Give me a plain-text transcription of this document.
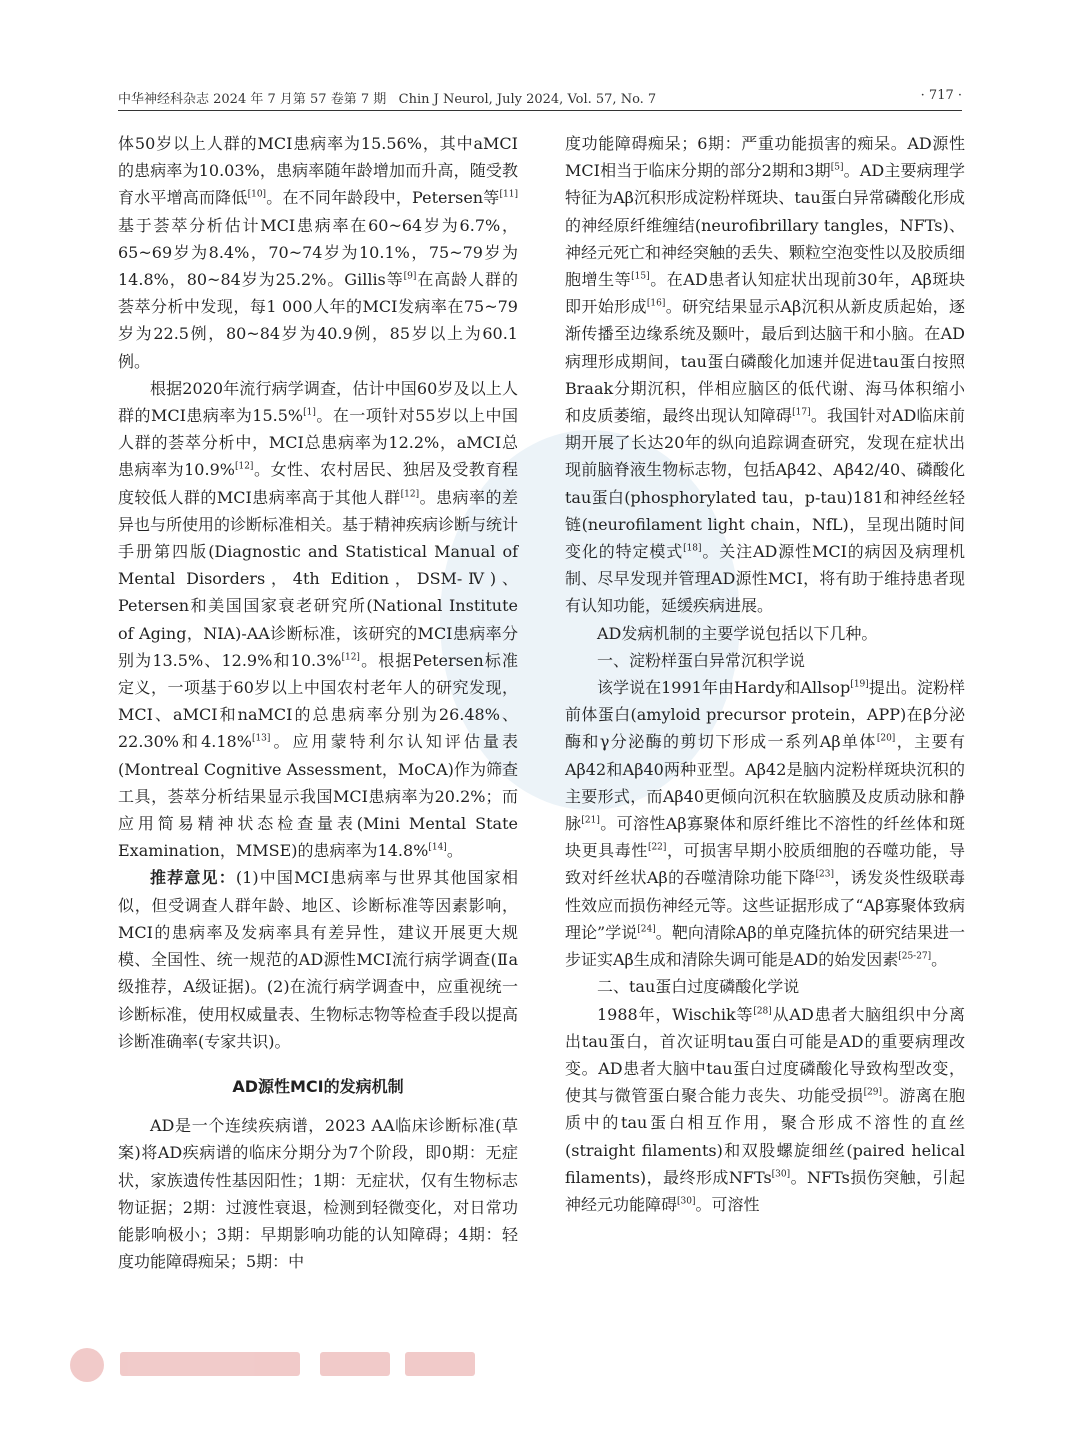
中华神经科杂志 2024 年 7 月第 57 卷第 7 期 Chin J Neurol, July 2024, Vol. 57, No. 7	· 717 ·

体50岁以上人群的MCI患病率为15.56%，其中aMCI的患病率为10.03%，患病率随年龄增加而升高，随受教育水平增高而降低[10]。在不同年龄段中，Petersen等[11]基于荟萃分析估计MCI患病率在60~64岁为6.7%，65~69岁为8.4%，70~74岁为10.1%，75~79岁为14.8%，80~84岁为25.2%。Gillis等[9]在高龄人群的荟萃分析中发现，每1 000人年的MCI发病率在75~79岁为22.5例，80~84岁为40.9例，85岁以上为60.1例。

根据2020年流行病学调查，估计中国60岁及以上人群的MCI患病率为15.5%[1]。在一项针对55岁以上中国人群的荟萃分析中，MCI总患病率为12.2%，aMCI总患病率为10.9%[12]。女性、农村居民、独居及受教育程度较低人群的MCI患病率高于其他人群[12]。患病率的差异也与所使用的诊断标准相关。基于精神疾病诊断与统计手册第四版(Diagnostic and Statistical Manual of Mental Disorders，4th Edition，DSM-Ⅳ)、Petersen和美国国家衰老研究所(National Institute of Aging，NIA)-AA诊断标准，该研究的MCI患病率分别为13.5%、12.9%和10.3%[12]。根据Petersen标准定义，一项基于60岁以上中国农村老年人的研究发现，MCI、aMCI和naMCI的总患病率分别为26.48%、22.30%和4.18%[13]。应用蒙特利尔认知评估量表(Montreal Cognitive Assessment，MoCA)作为筛查工具，荟萃分析结果显示我国MCI患病率为20.2%；而应用简易精神状态检查量表(Mini Mental State Examination，MMSE)的患病率为14.8%[14]。

推荐意见：(1)中国MCI患病率与世界其他国家相似，但受调查人群年龄、地区、诊断标准等因素影响，MCI的患病率及发病率具有差异性，建议开展更大规模、全国性、统一规范的AD源性MCI流行病学调查(Ⅱa级推荐，A级证据)。(2)在流行病学调查中，应重视统一诊断标准，使用权威量表、生物标志物等检查手段以提高诊断准确率(专家共识)。

AD源性MCI的发病机制

AD是一个连续疾病谱，2023 AA临床诊断标准(草案)将AD疾病谱的临床分期分为7个阶段，即0期：无症状，家族遗传性基因阳性；1期：无症状，仅有生物标志物证据；2期：过渡性衰退，检测到轻微变化，对日常功能影响极小；3期：早期影响功能的认知障碍；4期：轻度功能障碍痴呆；5期：中

度功能障碍痴呆；6期：严重功能损害的痴呆。AD源性MCI相当于临床分期的部分2期和3期[5]。AD主要病理学特征为Aβ沉积形成淀粉样斑块、tau蛋白异常磷酸化形成的神经原纤维缠结(neurofibrillary tangles，NFTs)、神经元死亡和神经突触的丢失、颗粒空泡变性以及胶质细胞增生等[15]。在AD患者认知症状出现前30年，Aβ斑块即开始形成[16]。研究结果显示Aβ沉积从新皮质起始，逐渐传播至边缘系统及颞叶，最后到达脑干和小脑。在AD病理形成期间，tau蛋白磷酸化加速并促进tau蛋白按照Braak分期沉积，伴相应脑区的低代谢、海马体积缩小和皮质萎缩，最终出现认知障碍[17]。我国针对AD临床前期开展了长达20年的纵向追踪调查研究，发现在症状出现前脑脊液生物标志物，包括Aβ42、Aβ42/40、磷酸化tau蛋白(phosphorylated tau，p-tau)181和神经丝轻链(neurofilament light chain，NfL)，呈现出随时间变化的特定模式[18]。关注AD源性MCI的病因及病理机制、尽早发现并管理AD源性MCI，将有助于维持患者现有认知功能，延缓疾病进展。

AD发病机制的主要学说包括以下几种。

一、淀粉样蛋白异常沉积学说

该学说在1991年由Hardy和Allsop[19]提出。淀粉样前体蛋白(amyloid precursor protein，APP)在β分泌酶和γ分泌酶的剪切下形成一系列Aβ单体[20]，主要有Aβ42和Aβ40两种亚型。Aβ42是脑内淀粉样斑块沉积的主要形式，而Aβ40更倾向沉积在软脑膜及皮质动脉和静脉[21]。可溶性Aβ寡聚体和原纤维比不溶性的纤丝体和斑块更具毒性[22]，可损害早期小胶质细胞的吞噬功能，导致对纤丝状Aβ的吞噬清除功能下降[23]，诱发炎性级联毒性效应而损伤神经元等。这些证据形成了“Aβ寡聚体致病理论”学说[24]。靶向清除Aβ的单克隆抗体的研究结果进一步证实Aβ生成和清除失调可能是AD的始发因素[25-27]。

二、tau蛋白过度磷酸化学说

1988年，Wischik等[28]从AD患者大脑组织中分离出tau蛋白，首次证明tau蛋白可能是AD的重要病理改变。AD患者大脑中tau蛋白过度磷酸化导致构型改变，使其与微管蛋白聚合能力丧失、功能受损[29]。游离在胞质中的tau蛋白相互作用，聚合形成不溶性的直丝(straight filaments)和双股螺旋细丝(paired helical filaments)，最终形成NFTs[30]。NFTs损伤突触，引起神经元功能障碍[30]。可溶性
